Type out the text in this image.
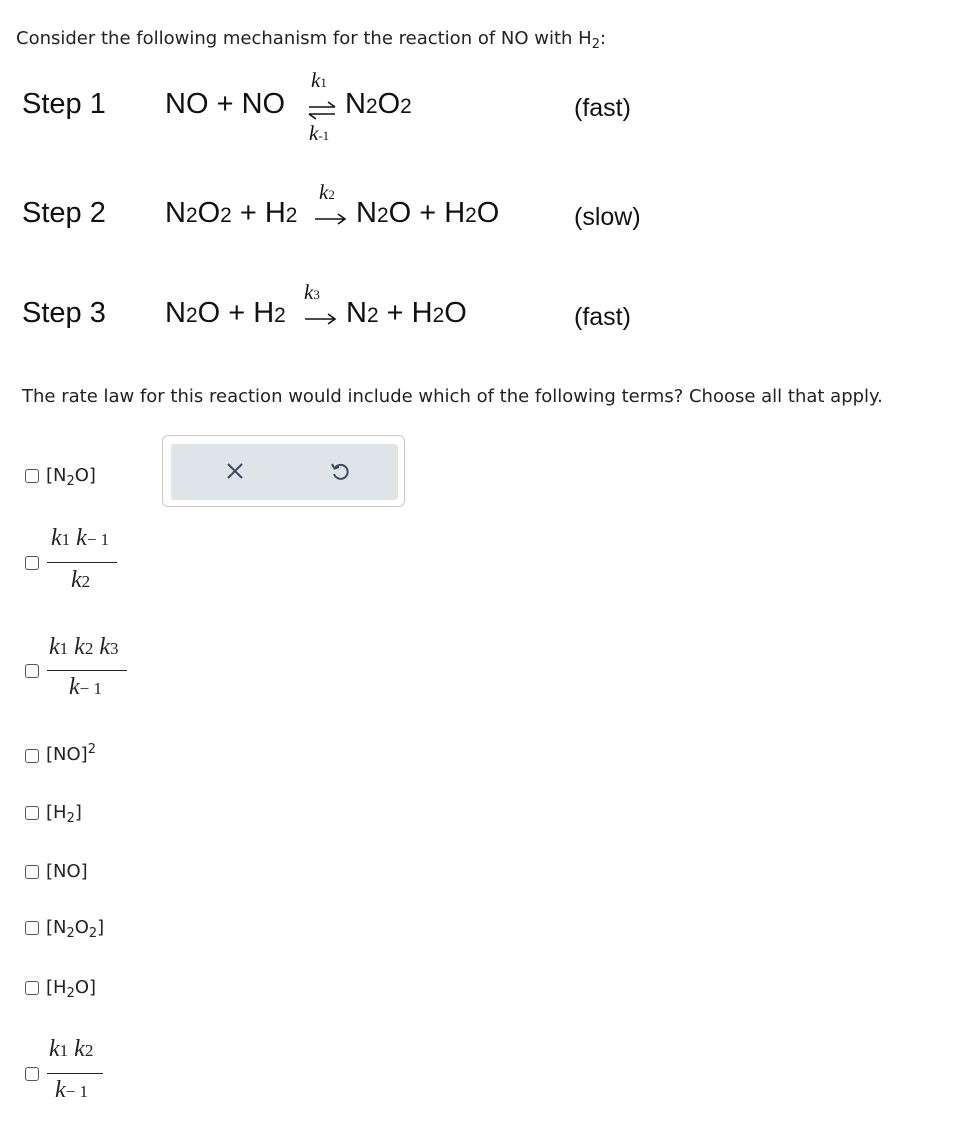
Consider the following mechanism for the reaction of NO with $H_2$:
Step 1 NO + NO
k1
⇌ N2O2
k-1
(fast)
Step 2 N2O2 + H2
k2
N2O + H2O	(slow)
Step 3 N2O + H2
k3
N2 + H2O	(fast)
The rate law for this reaction would include which of the following terms? Choose all that apply.
$[N_2O]$
k1 k− 1
k2
k1 k2 k3
k− 1
[NO]$^2$
$[H_2]$
[NO]
$[N_2O_2]$
$[H_2O]$
k1 k2
k− 1
